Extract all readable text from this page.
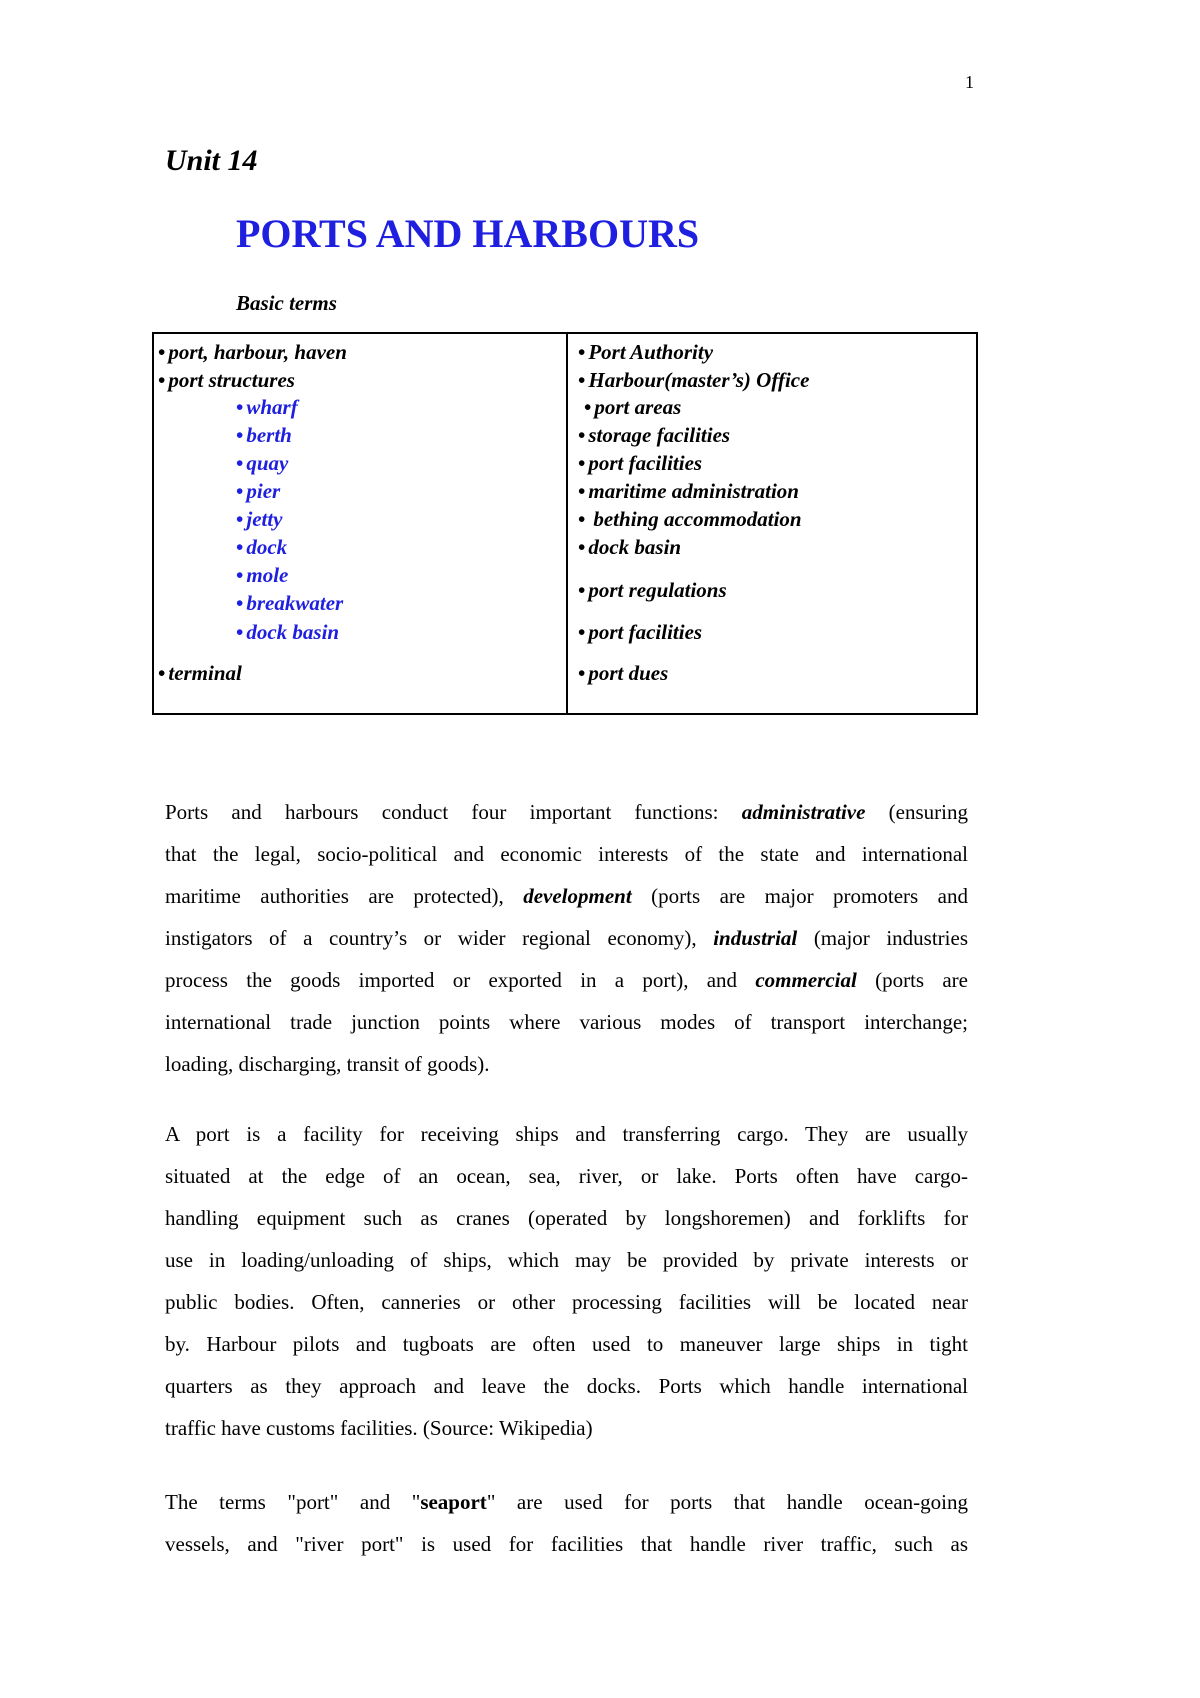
1
Unit 14
PORTS AND HARBOURS
Basic terms
• port, harbour, haven
• port structures
• wharf
• berth
• quay
• pier
• jetty
• dock
• mole
• breakwater
• dock basin
• terminal
• Port Authority
• Harbour(master’s) Office
• port areas
• storage facilities
• port facilities
• maritime administration
• bething accommodation
• dock basin
• port regulations
• port facilities
• port dues
Ports and harbours conduct four important functions: administrative (ensuring
that the legal, socio-political and economic interests of the state and international
maritime authorities are protected), development (ports are major promoters and
instigators of a country’s or wider regional economy), industrial (major industries
process the goods imported or exported in a port), and commercial (ports are
international trade junction points where various modes of transport interchange;
loading, discharging, transit of goods).
A port is a facility for receiving ships and transferring cargo. They are usually
situated at the edge of an ocean, sea, river, or lake. Ports often have cargo-
handling equipment such as cranes (operated by longshoremen) and forklifts for
use in loading/unloading of ships, which may be provided by private interests or
public bodies. Often, canneries or other processing facilities will be located near
by. Harbour pilots and tugboats are often used to maneuver large ships in tight
quarters as they approach and leave the docks. Ports which handle international
traffic have customs facilities. (Source: Wikipedia)
The terms "port" and "seaport" are used for ports that handle ocean-going
vessels, and "river port" is used for facilities that handle river traffic, such as
